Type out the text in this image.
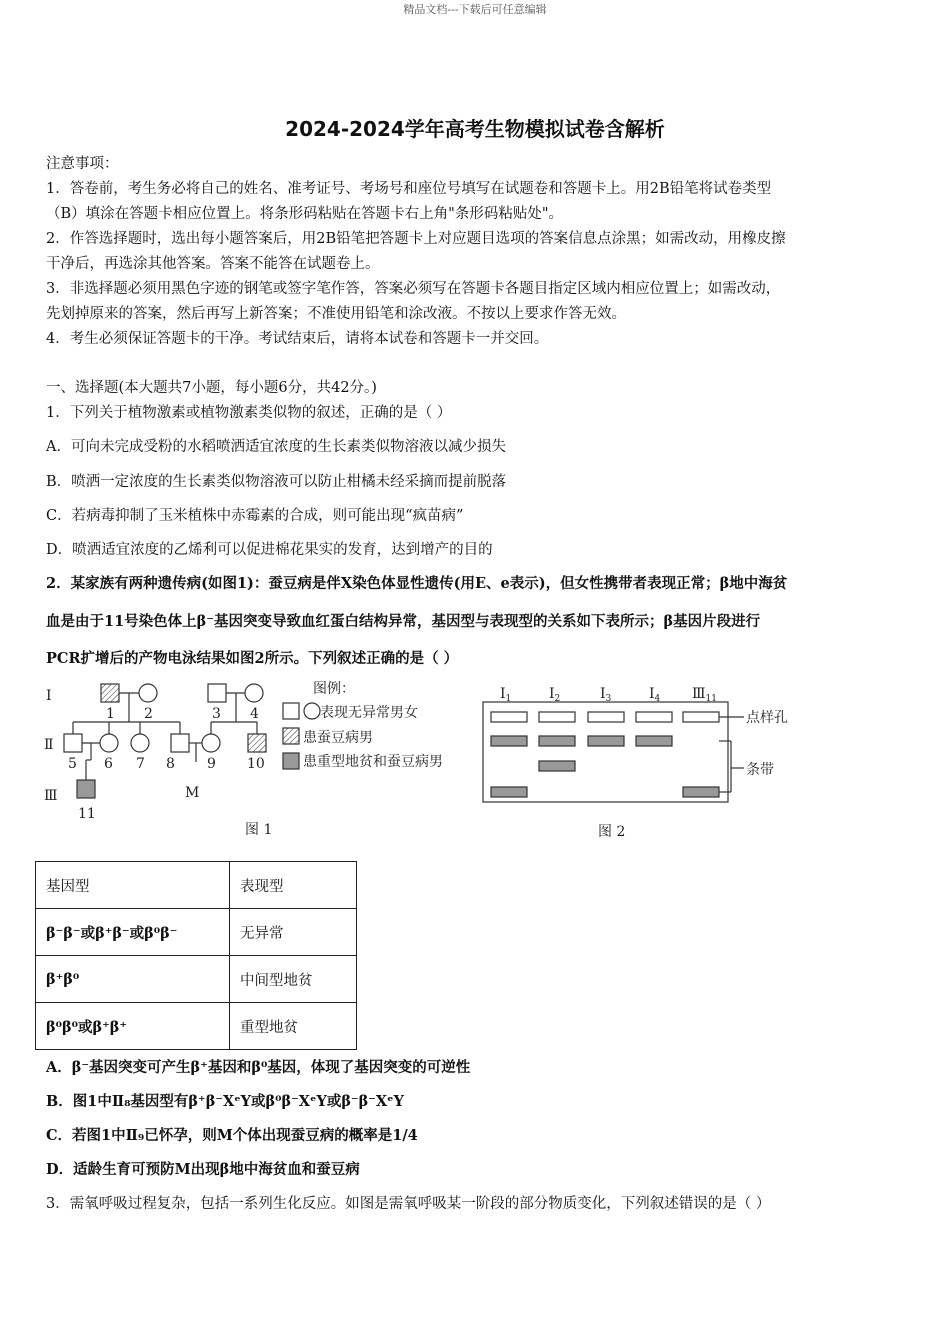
精品文档---下载后可任意编辑
2024-2024学年高考生物模拟试卷含解析
注意事项：
1．答卷前，考生务必将自己的姓名、准考证号、考场号和座位号填写在试题卷和答题卡上。用2B铅笔将试卷类型
（B）填涂在答题卡相应位置上。将条形码粘贴在答题卡右上角"条形码粘贴处"。
2．作答选择题时，选出每小题答案后，用2B铅笔把答题卡上对应题目选项的答案信息点涂黑；如需改动，用橡皮擦
干净后，再选涂其他答案。答案不能答在试题卷上。
3．非选择题必须用黑色字迹的钢笔或签字笔作答，答案必须写在答题卡各题目指定区域内相应位置上；如需改动，
先划掉原来的答案，然后再写上新答案；不准使用铅笔和涂改液。不按以上要求作答无效。
4．考生必须保证答题卡的干净。考试结束后，请将本试卷和答题卡一并交回。
一、选择题(本大题共7小题，每小题6分，共42分。)
1．下列关于植物激素或植物激素类似物的叙述，正确的是（ ）
A．可向未完成受粉的水稻喷洒适宜浓度的生长素类似物溶液以减少损失
B．喷洒一定浓度的生长素类似物溶液可以防止柑橘未经采摘而提前脱落
C．若病毒抑制了玉米植株中赤霉素的合成，则可能出现“疯苗病”
D．喷洒适宜浓度的乙烯利可以促进棉花果实的发育，达到增产的目的
2．某家族有两种遗传病(如图1)：蚕豆病是伴X染色体显性遗传(用E、e表示)，但女性携带者表现正常；β地中海贫
血是由于11号染色体上β⁻基因突变导致血红蛋白结构异常，基因型与表现型的关系如下表所示；β基因片段进行
PCR扩增后的产物电泳结果如图2所示。下列叙述正确的是（ ）
Ⅰ
Ⅱ
Ⅲ
1 2	3 4
5 6 7 8 9 10
11
M
图例：
表现无异常男女
患蚕豆病男
患重型地贫和蚕豆病男
图 1
$I_1$	$I_2$	$I_3$	$I_4$ $Ⅲ_{11}$
点样孔
条带
图 2
基因型	表现型
β⁻β⁻或β⁺β⁻或β⁰β⁻	无异常
β⁺β⁰	中间型地贫
β⁰β⁰或β⁺β⁺	重型地贫
A．β⁻基因突变可产生β⁺基因和β⁰基因，体现了基因突变的可逆性
B．图1中Ⅱ₈基因型有β⁺β⁻XᵉY或β⁰β⁻XᵉY或β⁻β⁻XᵉY
C．若图1中Ⅱ₉已怀孕，则M个体出现蚕豆病的概率是1/4
D．适龄生育可预防M出现β地中海贫血和蚕豆病
3．需氧呼吸过程复杂，包括一系列生化反应。如图是需氧呼吸某一阶段的部分物质变化，下列叙述错误的是（ ）
